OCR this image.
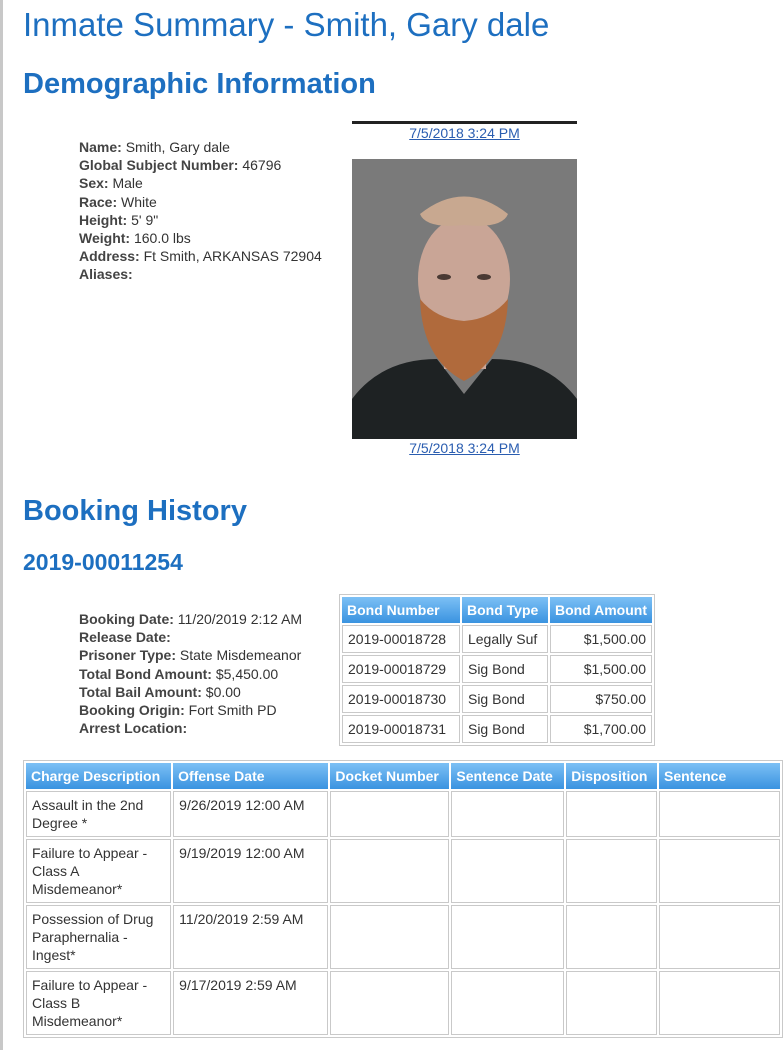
Inmate Summary - Smith, Gary dale
Demographic Information
Name: Smith, Gary dale
Global Subject Number: 46796
Sex: Male
Race: White
Height: 5' 9"
Weight: 160.0 lbs
Address: Ft Smith, ARKANSAS 72904
Aliases:
7/5/2018 3:24 PM
7/5/2018 3:24 PM
Booking History
2019-00011254
Booking Date: 11/20/2019 2:12 AM
Release Date:
Prisoner Type: State Misdemeanor
Total Bond Amount: $5,450.00
Total Bail Amount: $0.00
Booking Origin: Fort Smith PD
Arrest Location:
Bond Number	Bond Type	Bond Amount
2019-00018728	Legally Suf	$1,500.00
2019-00018729	Sig Bond	$1,500.00
2019-00018730	Sig Bond	$750.00
2019-00018731	Sig Bond	$1,700.00
Charge Description	Offense Date	Docket Number	Sentence Date	Disposition	Sentence
Assault in the 2nd Degree *	9/26/2019 12:00 AM				
Failure to Appear - Class A Misdemeanor*	9/19/2019 12:00 AM				
Possession of Drug Paraphernalia - Ingest*	11/20/2019 2:59 AM				
Failure to Appear - Class B Misdemeanor*	9/17/2019 2:59 AM				
